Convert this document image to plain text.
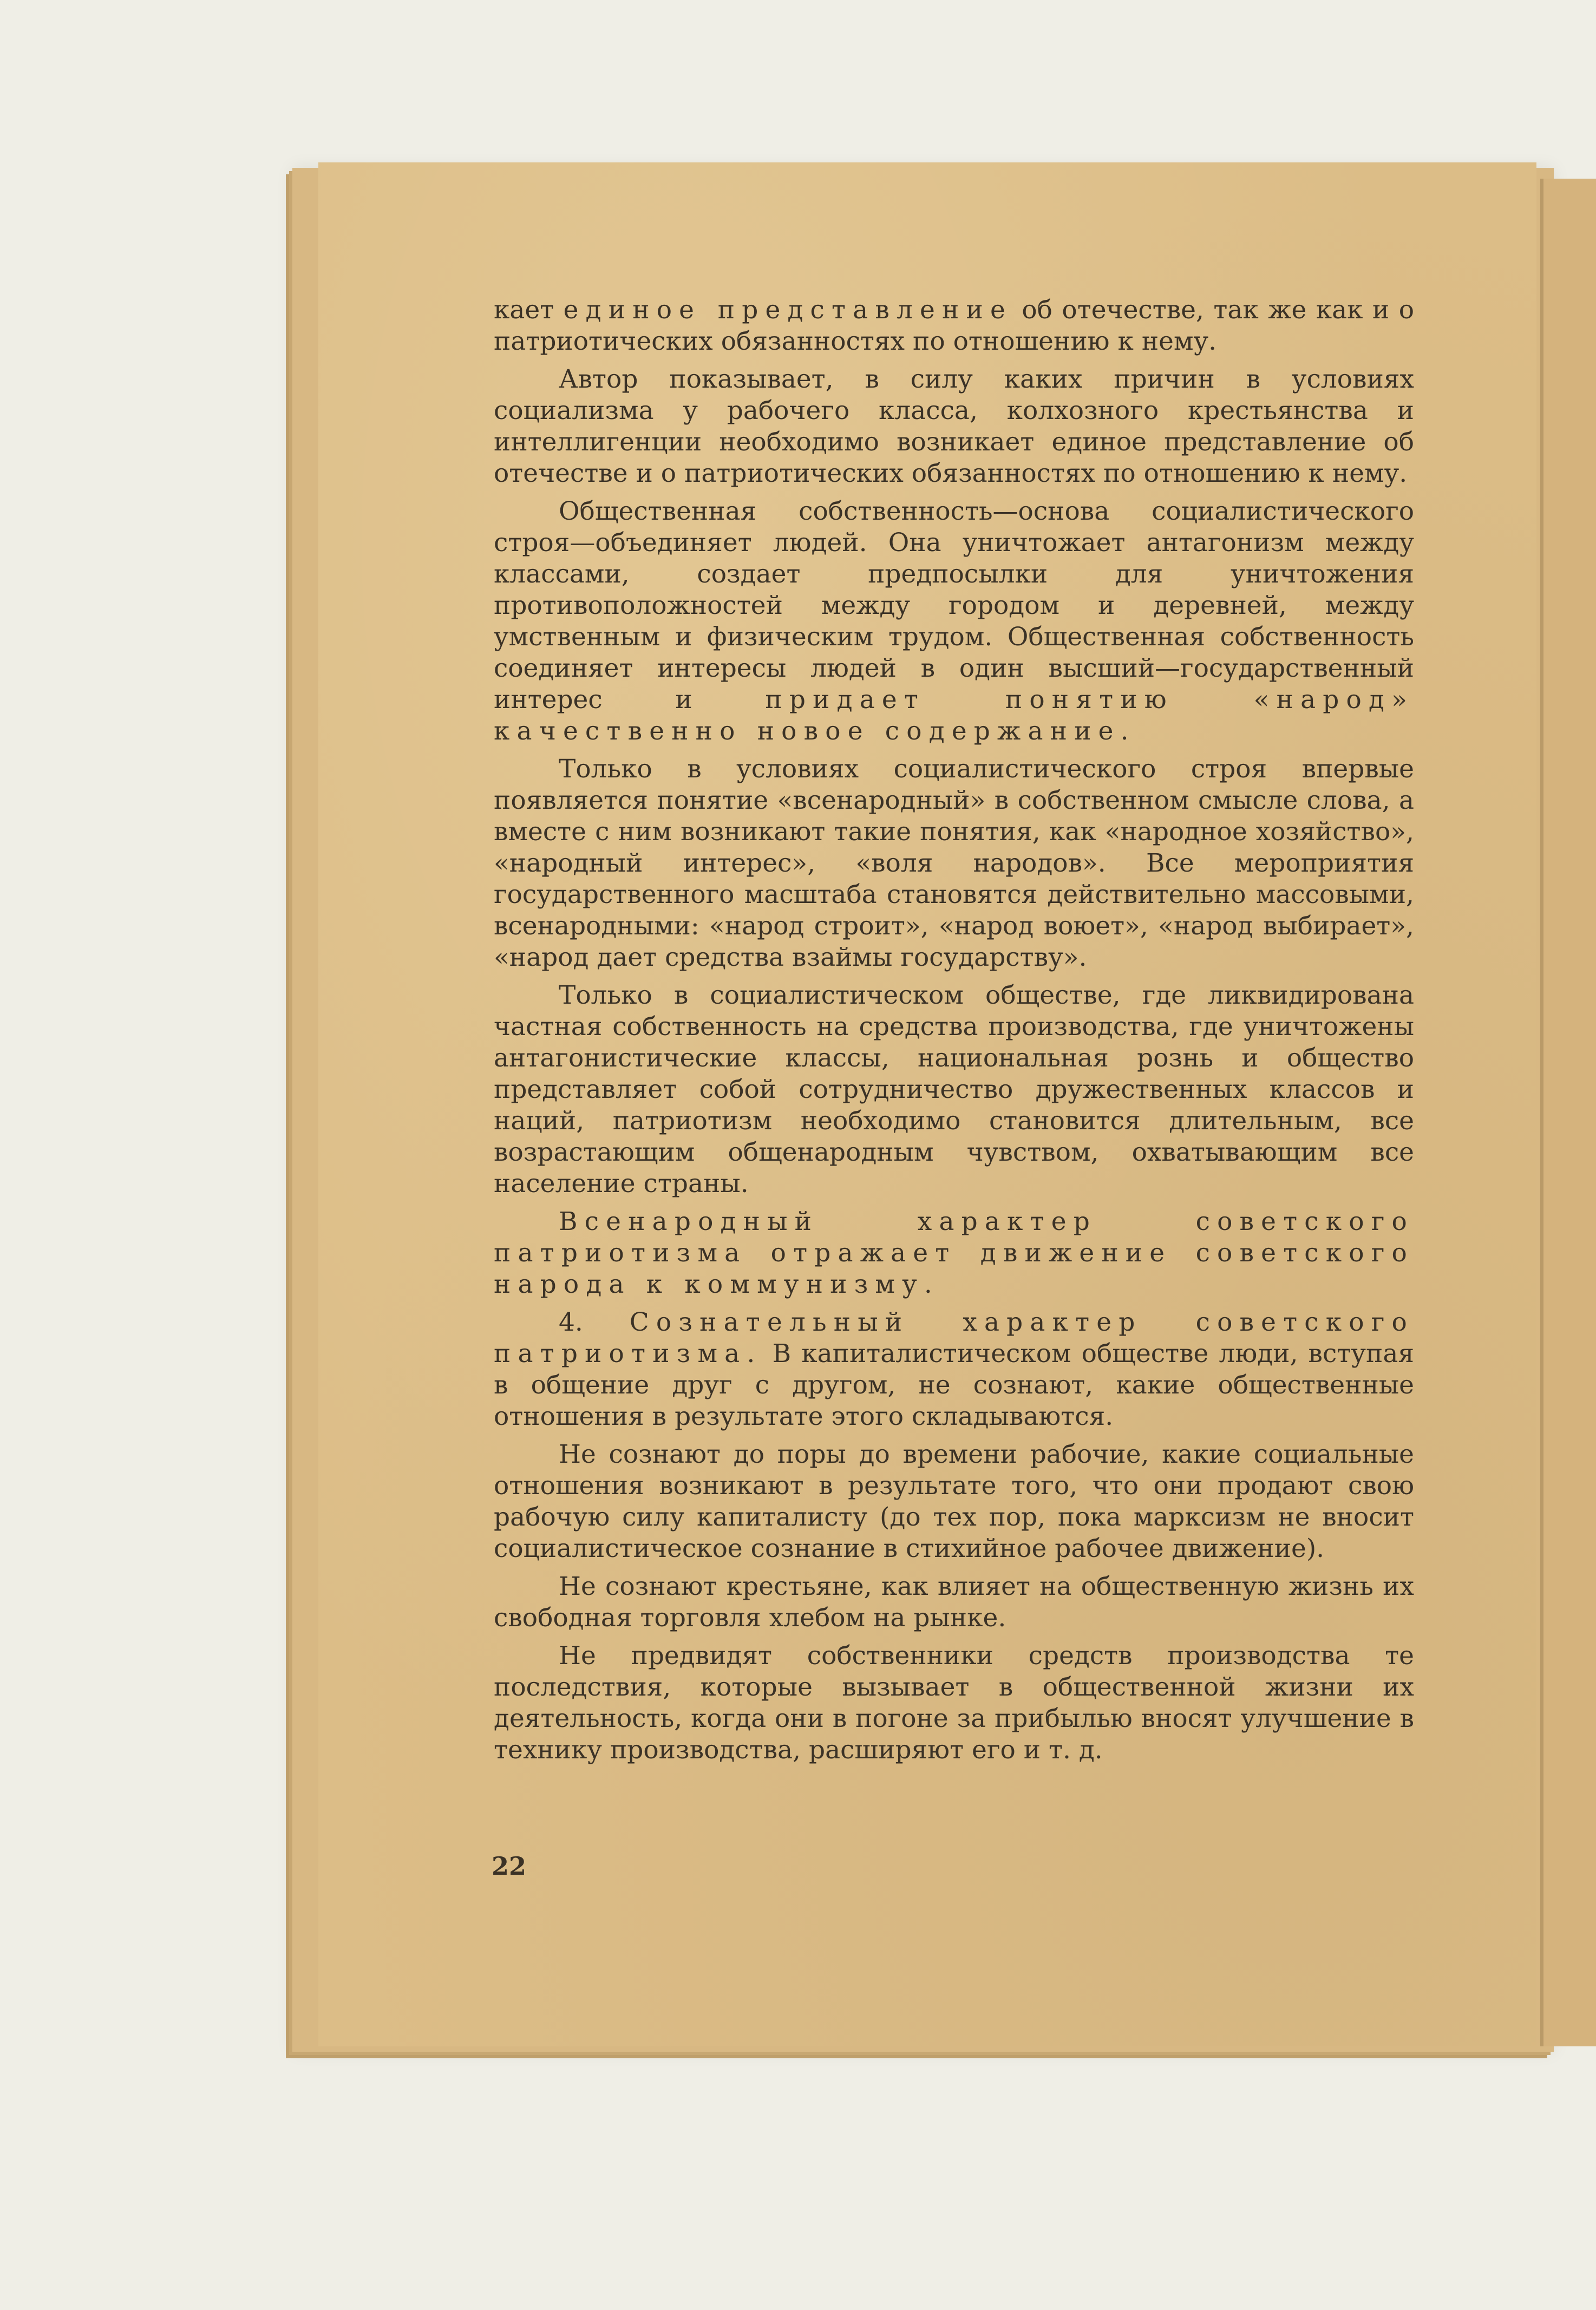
кает единое представление об отечестве, так же как и о патриотических обязанностях по отношению к нему.

Автор показывает, в силу каких причин в условиях социализма у рабочего класса, колхозного крестьянства и интеллигенции необходимо возникает единое представление об отечестве и о патриотических обязанностях по отношению к нему.

Общественная собственность—основа социалистического строя—объединяет людей. Она уничтожает антагонизм между классами, создает предпосылки для уничтожения противоположностей между городом и деревней, между умственным и физическим трудом. Общественная собственность соединяет интересы людей в один высший—государственный интерес и придает понятию «народ» качественно новое содержание.

Только в условиях социалистического строя впервые появляется понятие «всенародный» в собственном смысле слова, а вместе с ним возникают такие понятия, как «народное хозяйство», «народный интерес», «воля народов». Все мероприятия государственного масштаба становятся действительно массовыми, всенародными: «народ строит», «народ воюет», «народ выбирает», «народ дает средства взаймы государству».

Только в социалистическом обществе, где ликвидирована частная собственность на средства производства, где уничтожены антагонистические классы, национальная рознь и общество представляет собой сотрудничество дружественных классов и наций, патриотизм необходимо становится длительным, все возрастающим общенародным чувством, охватывающим все население страны.

Всенародный характер советского патриотизма отражает движение советского народа к коммунизму.

4. Сознательный характер советского патриотизма. В капиталистическом обществе люди, вступая в общение друг с другом, не сознают, какие общественные отношения в результате этого складываются.

Не сознают до поры до времени рабочие, какие социальные отношения возникают в результате того, что они продают свою рабочую силу капиталисту (до тех пор, пока марксизм не вносит социалистическое сознание в стихийное рабочее движение).

Не сознают крестьяне, как влияет на общественную жизнь их свободная торговля хлебом на рынке.

Не предвидят собственники средств производства те последствия, которые вызывает в общественной жизни их деятельность, когда они в погоне за прибылью вносят улучшение в технику производства, расширяют его и т. д.

22
